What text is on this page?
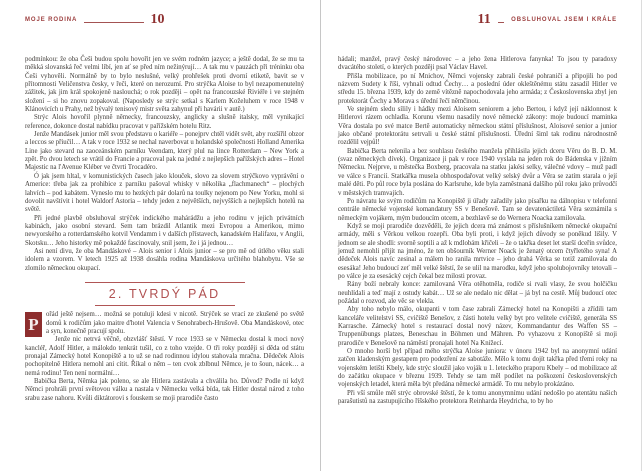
MOJE RODINA	10

podmínkou: že oba Češi budou spolu hovořit jen ve svém rodném jazyce; a ještě dodal, že se mu ta měkká slovanská řeč velmi líbí, jen ať se před ním nežinýrují… A tak mu v pauzách při tréninku oba Češi vyhověli. Normálně by to bylo neslušné, velký prohřešek proti dvorní etiketě, bavit se v přítomnosti Veličenstva česky, v řeči, které on nerozumí. Pro strýčka Aloise to byl nezapomenutelný zážitek, jak jim král spokojeně naslouchá; o rok později – opět na francouzské Riviéře i ve stejném složení – si ho znovu zopakoval. (Naposledy se strýc setkal s Karlem Koželuhem v roce 1948 v Klánovicích u Prahy, než bývalý tenisový mistr světa zahynul při havárii v autě.)

Strýc Alois hovořil plynně německy, francouzsky, anglicky a slušně italsky, měl vynikající reference, dokonce dostal nabídku pracovat v pařížském hotelu Ritz.

Jenže Mandásek junior měl svou představu o kariéře – ponejprv chtěl vidět svět, aby rozšířil obzor a leccos se přiučil… A tak v roce 1932 se nechal naverbovat u holandské společnosti Holland Amerika Line jako stevard na zaoceánském parníku Veendam, který plul na lince Rotterdam – New York a zpět. Po dvou letech se vrátil do Francie a pracoval pak na jedné z nejlepších pařížských adres – Hotel Majestic na l'Avenue Kléber ve čtvrti Trocadéro.

Ó jak jsem hltal, v komunistických časech jako klouček, slovo za slovem strýčkovo vyprávění o Americe: třeba jak za prohibice z parníku pašoval whisky v několika „flachmanech“ – plochých lahvích – pod kabátem. Vyneslo mu to hezkých pár dolarů na toulky nejenom po New Yorku, mohl si dovolit navštívit i hotel Waldorf Astoria – tehdy jeden z největších, nejvyšších a nejlepších hotelů na světě.

Při jedné plavbě obsluhoval strýček indického mahárádžu a jeho rodinu v jejich privátních kabinách, jako osobní stevard. Sem tam brázdil Atlantik mezi Evropou a Amerikou, mimo newyorského a rotterdamského kotvil Vendamm i v dalších přístavech, kanadském Halifaxu, v Anglii, Skotsku… Jeho historky mě pokaždé fascinovaly, snil jsem, že i já jednou…

Asi není divu, že oba Mandáskové – Alois senior i Alois junior – se pro mě od útlého věku stali idolem a vzorem. V letech 1925 až 1938 dosáhla rodina Mandáskova určitého blahobytu. Vše se zlomilo německou okupací.

2. TVRDÝ PÁD

P	ořád ještě nejsem… možná se potuluji kdesi v nicotě. Strýček se vrací ze zkušené po světě domů k rodičům jako maitre d'hotel Valencia v Senohrabech-Hrušově. Oba Mandáskové, otec a syn, konečně pracují spolu.

Jenže nic netrvá věčně, obzvlášť štěstí. V roce 1933 se v Německu dostal k moci nový kancléř, Adolf Hitler, a málokdo tenkrát tušil, co z toho vzejde. O tři roky později si děda od státu pronajal Zámecký hotel Konopiště a to už se nad rodinnou idylou stahovala mračna. Dědeček Alois pochopitelně Hitlera nemohl ani cítit. Říkal o něm – ten cvok zblbnul Němce, je to šoun, nácek… a nemá rodinu! Ten není normální…

Babička Berta, Němka jak poleno, se ale Hitlera zastávala a chválila ho. Důvod? Podle ní když Němci prohráli první světovou válku a nastala v Německu velká bída, tak Hitler dostal národ z toho srabu zase nahoru. Kvůli diktátorovi s fouskem se moji prarodiče často

11	OBSLUHOVAL JSEM I KRÁLE

hádali; manžel, pravý český národovec – a jeho žena Hitlerova fanynka! To jsou ty paradoxy dvacátého století, o kterých později psal Václav Havel.

Přišla mobilizace, po ní Mnichov, Němci vojensky zabrali české pohraničí a připojili ho pod názvem Sudety k říši, vyhnali odtud Čechy… a poslední úder okleštěnému státu zasadil Hitler ve středu 15. března 1939, kdy do země vítězně napochodovala jeho armáda; z Československa zbyl jen protektorát Čechy a Morava s úřední řečí němčinou.

Ve stejném sledu sílily i hádky mezi Aloisem seniorem a jeho Bertou, i když její náklonnost k Hitlerovi rázem ochladla. Korunu všemu nasadily nové německé zákony: moje budoucí maminka Věra dostala po své matce Bertě automaticky německou státní příslušnost, Aloisové senior a junior jako občané protektorátu setrvali u české státní příslušnosti. Úřední šiml tak rodinu národnostně rozdělil vejpůl!

Babička Berta nelenila a bez souhlasu českého manžela přihlásila jejich dceru Věru do B. D. M. (svaz německých dívek). Organizace ji pak v roce 1940 vyslala na jeden rok do Bádenska v jižním Německu. Nejprve, u městečka Boxberg, pracovala na statku jakési selky, válečné vdovy – muž padl ve válce s Francií. Statkářka musela obhospodařovat velký selský dvůr a Věra se zatím starala o její malé děti. Po půl roce byla poslána do Karlsruhe, kde byla zaměstnaná dalšího půl roku jako průvodčí v městských tramvajích.

Po návratu ke svým rodičům na Konopiště ji úřady zařadily jako písařku na dálnopisu v telefonní centrále německé vojenské komandatury SS v Benešově. Tam se devatenáctiletá Věra seznámila s německým vojákem, mým budoucím otcem, a bezhlavě se do Wernera Noacka zamilovala.

Když se moji prarodiče dozvěděli, že jejich dcera má známost s příslušníkem německé okupační armády, měli s Věrkou velkou rozepři. Oba byli proti, i když jejich důvody se poněkud lišily. V jednom se ale shodli: svorně soptili a až k mdlobám křičeli – že o takřka deset let starší dceřin svůdce, jemuž nemohli přijít na jméno, že ten obšourník Werner Noack je ženatý otcem čtyřletého syna! A dědeček Alois navíc zesinal a málem ho ranila mrtvice – jeho drahá Věrka se totiž zamilovala do esesáka! Jeho budoucí zeť měl velké štěstí, že se ulil na marodku, když jeho spolubojovníky tetovali – po válce je za esesácký cejch čekal bez milosti provaz.

Rány boží nebraly konce: zamilovaná Věra otěhotněla, rodiče si rvali vlasy, že svou holčičku neuhlídali a teď mají z ostudy kabát… Už se ale nedalo nic dělat – já byl na cestě. Můj budoucí otec požádal o rozvod, ale věc se vlekla.

Aby toho nebylo málo, okupanti v tom čase zabrali Zámecký hotel na Konopišti a zřídili tam kanceláře velitelství SS, cvičiště Benešov, z části hotelu velký byt pro velitele cvičiště, generála SS Karrasche. Zámecký hotel s restaurací dostal nový název, Kommandantur des Waffen SS – Truppenübungs platzes, Beneschau in Böhmen und Mähren. Po vyhazovu z Konopiště si moji prarodiče v Benešově na náměstí pronajali hotel Na Knížecí.

O mnoho horší byl případ mého strýčka Aloise juniora: v únoru 1942 byl na anonymní udání zatčen kladenským gestapem pro podezření ze sabotáže. Mělo k tomu dojít takřka před třemi roky na vojenském letišti Kbely, kde strýc sloužil jako voják u 1. leteckého praporu Kbely – od mobilizace až do začátku okupace v březnu 1939. Tehdy se tam měl podílet na poškození československých vojenských letadel, která měla být předána německé armádě. To mu nebylo prokázáno.

Při vší smůle měl strýc obrovské štěstí, že k tomu anonymnímu udání nedošlo po atentátu našich parašutistů na zastupujícího říšského protektora Reinharda Heydricha, to by ho
